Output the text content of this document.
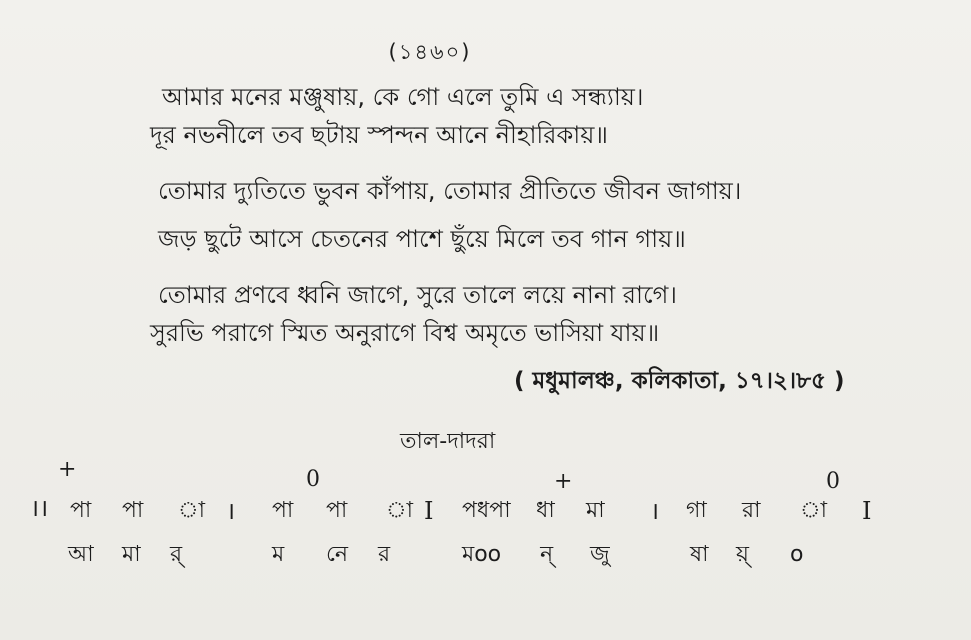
(১৪৬০)
আমার মনের মঞ্জুষায়, কে গো এলে তুমি এ সন্ধ্যায়।
দূর নভনীলে তব ছটায় স্পন্দন আনে নীহারিকায়॥
তোমার দ্যুতিতে ভুবন কাঁপায়, তোমার প্রীতিতে জীবন জাগায়।
জড় ছুটে আসে চেতনের পাশে ছুঁয়ে মিলে তব গান গায়॥
তোমার প্রণবে ধ্বনি জাগে, সুরে তালে লয়ে নানা রাগে।
সুরভি পরাগে স্মিত অনুরাগে বিশ্ব অমৃতে ভাসিয়া যায়॥
( মধুমালঞ্চ, কলিকাতা, ১৭।২।৮৫ )
তাল-দাদরা
+	0	+	0
।। পা পা া । পা পা া I পধপা ধা মা । গা রা া I
আ মা র্	ম নে র	মoo ন্ জু	ষা য়্ o
